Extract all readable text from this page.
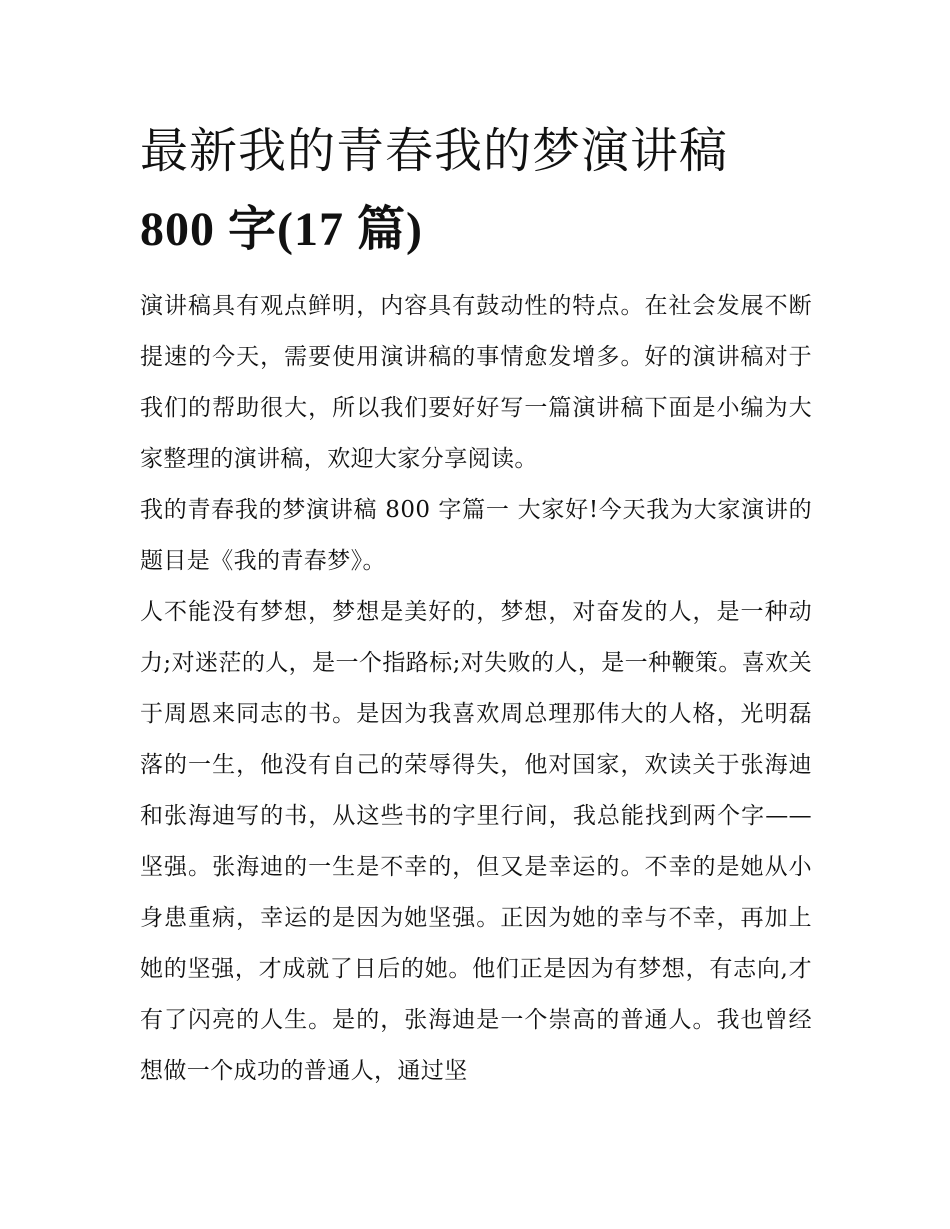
最新我的青春我的梦演讲稿
800 字(17 篇)

演讲稿具有观点鲜明，内容具有鼓动性的特点。在社会发展不断提速的今天，需要使用演讲稿的事情愈发增多。好的演讲稿对于我们的帮助很大，所以我们要好好写一篇演讲稿下面是小编为大家整理的演讲稿，欢迎大家分享阅读。

我的青春我的梦演讲稿 800 字篇一 大家好!今天我为大家演讲的题目是《我的青春梦》。

人不能没有梦想，梦想是美好的，梦想，对奋发的人，是一种动力;对迷茫的人，是一个指路标;对失败的人，是一种鞭策。喜欢关于周恩来同志的书。是因为我喜欢周总理那伟大的人格，光明磊落的一生，他没有自己的荣辱得失，他对国家，欢读关于张海迪和张海迪写的书，从这些书的字里行间，我总能找到两个字——坚强。张海迪的一生是不幸的，但又是幸运的。不幸的是她从小身患重病，幸运的是因为她坚强。正因为她的幸与不幸，再加上她的坚强，才成就了日后的她。他们正是因为有梦想，有志向,才有了闪亮的人生。是的，张海迪是一个崇高的普通人。我也曾经想做一个成功的普通人，通过坚
